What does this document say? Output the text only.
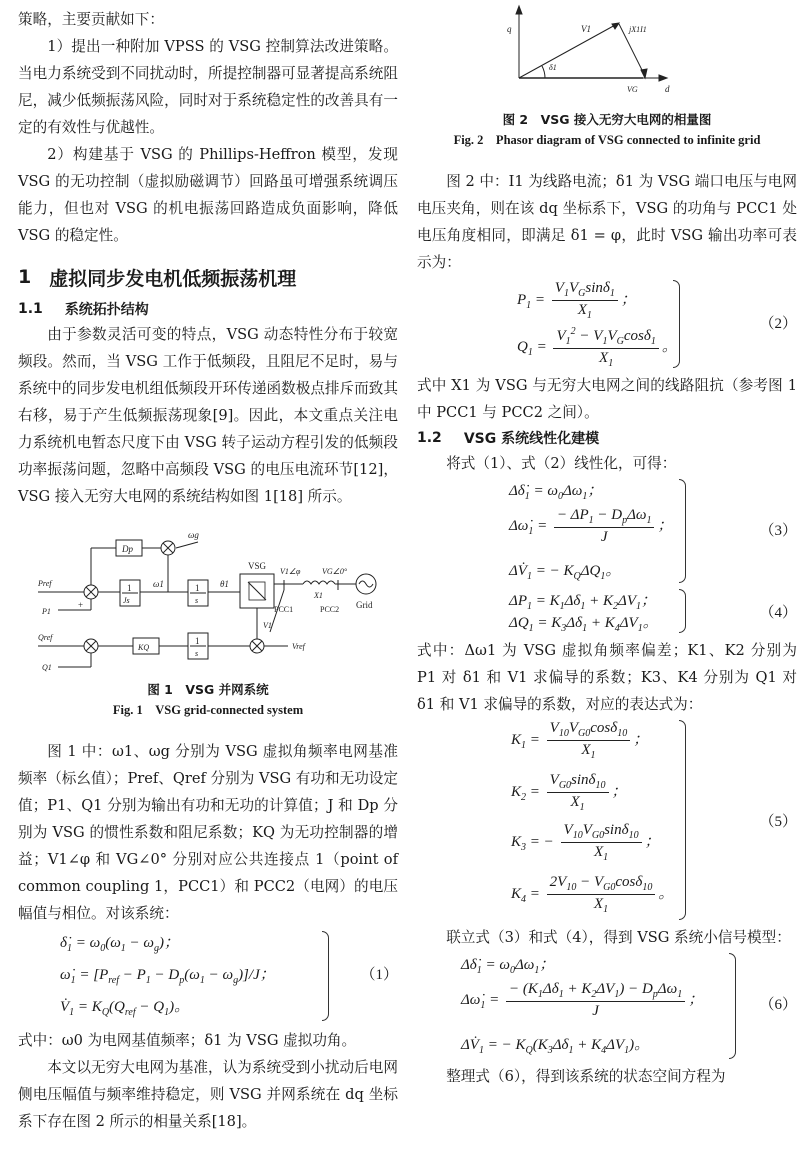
策略，主要贡献如下：

1）提出一种附加 VPSS 的 VSG 控制算法改进策略。当电力系统受到不同扰动时，所提控制器可显著提高系统阻尼，减少低频振荡风险，同时对于系统稳定性的改善具有一定的有效性与优越性。

2）构建基于 VSG 的 Phillips-Heffron 模型，发现 VSG 的无功控制（虚拟励磁调节）回路虽可增强系统调压能力，但也对 VSG 的机电振荡回路造成负面影响，降低 VSG 的稳定性。

1 虚拟同步发电机低频振荡机理
1.1 系统拓扑结构

由于参数灵活可变的特点，VSG 动态特性分布于较宽频段。然而，当 VSG 工作于低频段，且阻尼不足时，易与系统中的同步发电机组低频段开环传递函数极点排斥而致其右移，易于产生低频振荡现象[9]。因此，本文重点关注电力系统机电暂态尺度下由 VSG 转子运动方程引发的低频段功率振荡问题，忽略中高频段 VSG 的电压电流环节[12]，VSG 接入无穷大电网的系统结构如图 1[18] 所示。

Dp
ωg
1
Js
ω1	1
s
θ1
VSG
Grid
V1∠φ	VG∠0°
X1
PCC1	PCC2
Pref
+
P1
Qref
Q1
KQ
1
s
Vref
V1
图 1　VSG 并网系统
Fig. 1　VSG grid-connected system

图 1 中：ω1、ωg 分别为 VSG 虚拟角频率电网基准频率（标幺值）；Pref、Qref 分别为 VSG 有功和无功设定值；P1、Q1 分别为输出有功和无功的计算值；J 和 Dp 分别为 VSG 的惯性系数和阻尼系数；KQ 为无功控制器的增益；V1∠φ 和 VG∠0° 分别对应公共连接点 1（point of common coupling 1，PCC1）和 PCC2（电网）的电压幅值与相位。对该系统：

$\deltȧ_1 = \omega_0(\omega_1 - \omega_g)$；
$\omegȧ_1 = [P_{ref} - P_1 - D_p(\omega_1 - \omega_g)]/J$；
$V̇_1 = K_Q(Q_{ref} - Q_1)$。
（1）

式中：ω0 为电网基值频率；δ1 为 VSG 虚拟功角。

本文以无穷大电网为基准，认为系统受到小扰动后电网侧电压幅值与频率维持稳定，则 VSG 并网系统在 dq 坐标系下存在图 2 所示的相量关系[18]。

q
d
V1	jX1I1
δ1
VG
图 2　VSG 接入无穷大电网的相量图
Fig. 2　Phasor diagram of VSG connected to infinite grid

图 2 中：I1 为线路电流；δ1 为 VSG 端口电压与电网电压夹角，则在该 dq 坐标系下，VSG 的功角与 PCC1 处电压角度相同，即满足 δ1 = φ，此时 VSG 输出功率可表示为：

$P_1 = \frac{V_1V_G\sin\delta_1}{X_1}$ ；
$Q_1 = \frac{V_1^2 - V_1V_G\cos\delta_1}{X_1}$ 。
（2）

式中 X1 为 VSG 与无穷大电网之间的线路阻抗（参考图 1 中 PCC1 与 PCC2 之间）。

1.2 VSG 系统线性化建模

将式（1）、式（2）线性化，可得：

$\Delta\deltȧ_1 = \omega_0\Delta\omega_1$；
$\Delta\omegȧ_1 = \frac{- \Delta P_1 - D_p\Delta\omega_1}{J}$ ；
$\Delta V̇_1$ = − $K_Q\Delta Q_1$。
（3）
$\Delta P_1 = K_1\Delta\delta_1 + K_2\Delta V_1$；
$\Delta Q_1 = K_3\Delta\delta_1 + K_4\Delta V_1$。
（4）

式中：Δω1 为 VSG 虚拟角频率偏差；K1、K2 分别为 P1 对 δ1 和 V1 求偏导的系数；K3、K4 分别为 Q1 对 δ1 和 V1 求偏导的系数，对应的表达式为：

$K_1 = \frac{V_{10}V_{G0}\cos\delta_{10}}{X_1}$ ；
$K_2 = \frac{V_{G0}\sin\delta_{10}}{X_1}$ ；
$K_3$ = − $\frac{V_{10}V_{G0}\sin\delta_{10}}{X_1}$ ；
$K_4 = \frac{2V_{10} - V_{G0}\cos\delta_{10}}{X_1}$ 。
（5）

联立式（3）和式（4），得到 VSG 系统小信号模型：

$\Delta\deltȧ_1 = \omega_0\Delta\omega_1$；
$\Delta\omegȧ_1 = \frac{- (K_1\Delta\delta_1 + K_2\Delta V_1) - D_p\Delta\omega_1}{J}$ ；
$\Delta V̇_1$ = − $K_Q(K_3\Delta\delta_1 + K_4\Delta V_1)$。
（6）

整理式（6），得到该系统的状态空间方程为
